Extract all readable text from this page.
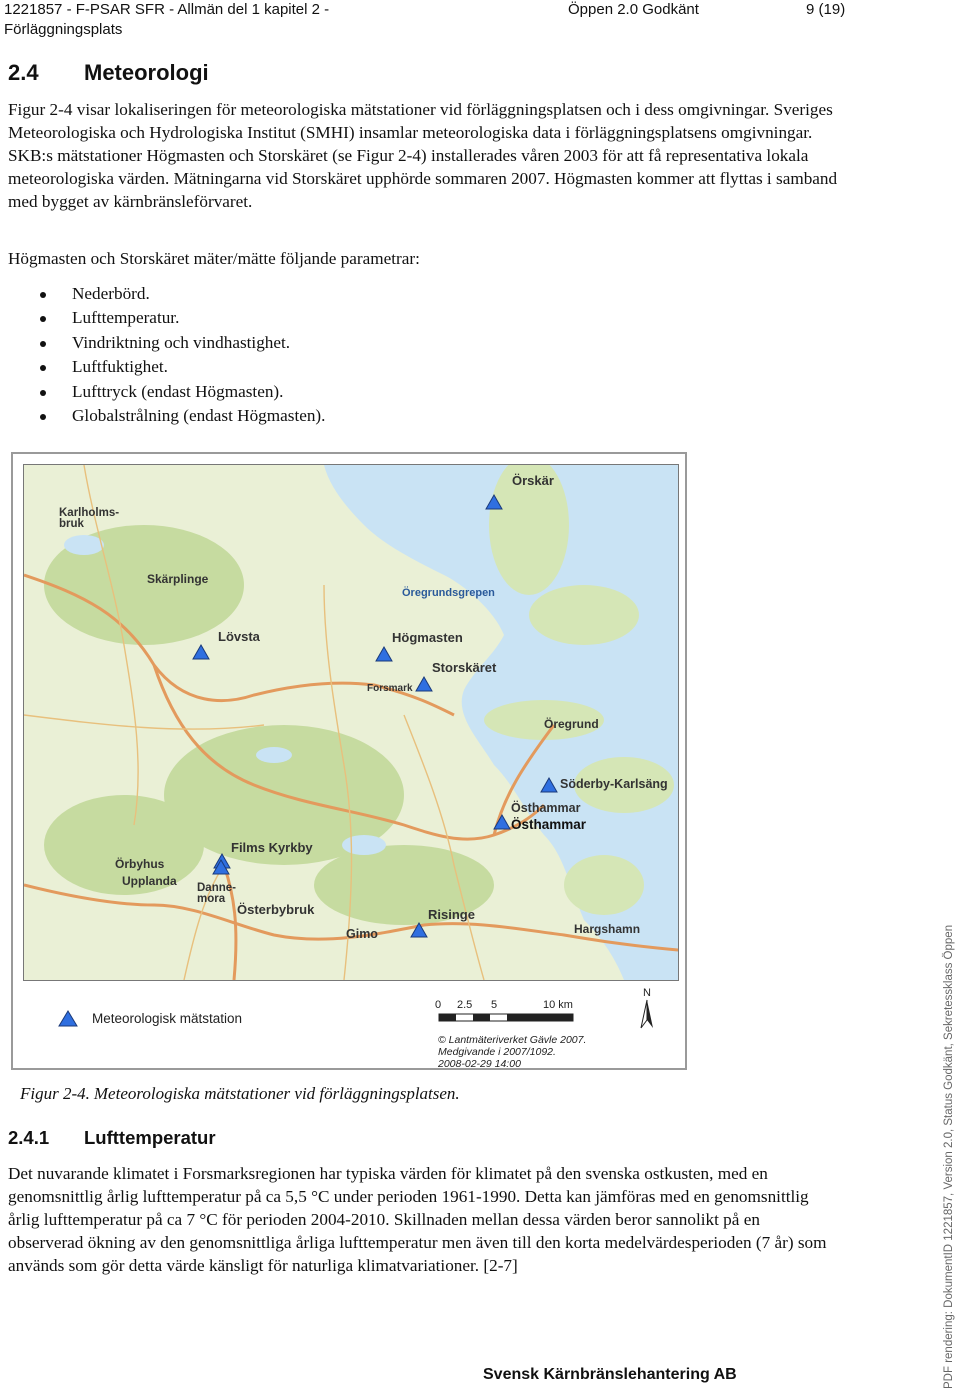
1221857 - F-PSAR SFR - Allmän del 1 kapitel 2 - Förläggningsplats
Öppen 2.0 Godkänt	9 (19)
2.4 Meteorologi

Figur 2-4 visar lokaliseringen för meteorologiska mätstationer vid förläggningsplatsen och i dess omgivningar. Sveriges Meteorologiska och Hydrologiska Institut (SMHI) insamlar meteorologiska data i förläggningsplatsens omgivningar. SKB:s mätstationer Högmasten och Storskäret (se Figur 2-4) installerades våren 2003 för att få representativa lokala meteorologiska värden. Mätningarna vid Storskäret upphörde sommaren 2007. Högmasten kommer att flyttas i samband med bygget av kärnbränsleförvaret.

Högmasten och Storskäret mäter/mätte följande parametrar:

Nederbörd.
Lufttemperatur.
Vindriktning och vindhastighet.
Luftfuktighet.
Lufttryck (endast Högmasten).
Globalstrålning (endast Högmasten).
Örskär
Karlholms-
bruk
Skärplinge
Öregrundsgrepen
Lövsta	Högmasten
Storskäret
Forsmark
Öregrund
Söderby-Karlsäng
Östhammar
Östhammar
Films Kyrkby
Örbyhus
Upplanda Danne-
mora
Österbybruk	Risinge
Gimo	Hargshamn
Meteorologisk mätstation
0 2.5 5	10 km
N
© Lantmäteriverket Gävle 2007.
Medgivande i 2007/1092.
2008-02-29 14:00
Figur 2-4. Meteorologiska mätstationer vid förläggningsplatsen.
2.4.1 Lufttemperatur

Det nuvarande klimatet i Forsmarksregionen har typiska värden för klimatet på den svenska ostkusten, med en genomsnittlig årlig lufttemperatur på ca 5,5 °C under perioden 1961-1990. Detta kan jämföras med en genomsnittlig årlig lufttemperatur på ca 7 °C för perioden 2004-2010. Skillnaden mellan dessa värden beror sannolikt på en observerad ökning av den genomsnittliga årliga lufttemperatur men även till den korta medelvärdesperioden (7 år) som används som gör detta värde känsligt för naturliga klimatvariationer. [2-7]

Svensk Kärnbränslehantering AB	PDF rendering: DokumentID 1221857, Version 2.0, Status Godkänt, Sekretessklass Öppen
